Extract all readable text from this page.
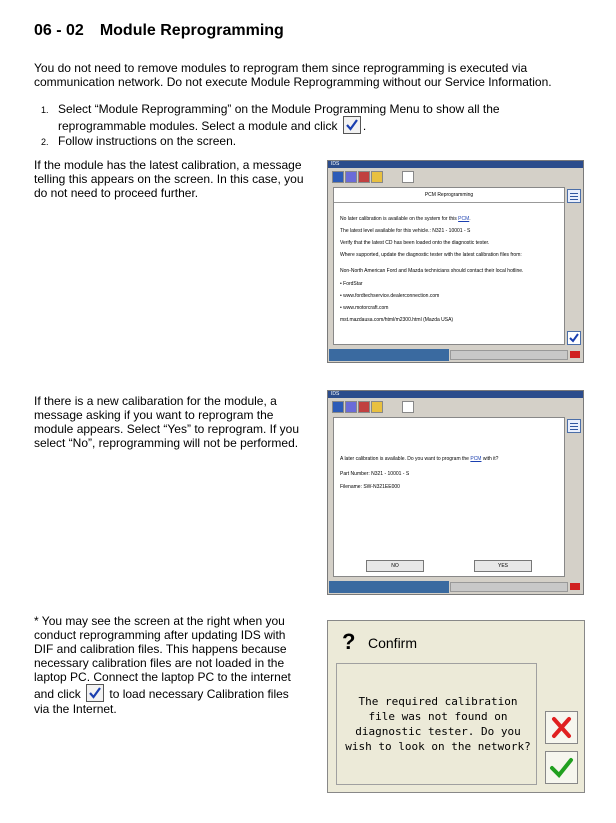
06 - 02 Module Reprogramming
You do not need to remove modules to reprogram them since reprogramming is executed via communication network. Do not execute Module Reprogramming without our Service Information.
1. Select “Module Reprogramming” on the Module Programming Menu to show all the reprogrammable modules. Select a module and click .
2. Follow instructions on the screen.
If the module has the latest calibration, a message telling this appears on the screen. In this case, you do not need to proceed further.
IDS
PCM Reprogramming
No later calibration is available on the system for this PCM.
The latest level available for this vehicle.: N321 - 10001 - S
Verify that the latest CD has been loaded onto the diagnostic tester.
Where supported, update the diagnostic tester with the latest calibration files from:
Non-North American Ford and Mazda technicians should contact their local hotline.
• FordStar
• www.fordtechservice.dealerconnection.com
• www.motorcraft.com
mst.mazdausa.com/html/m2300.html (Mazda USA)
If there is a new calibaration for the module, a message asking if you want to reprogram the module appears. Select “Yes” to reprogram. If you select “No”, reprogramming will not be performed.
IDS
A later calibration is available. Do you want to program the PCM with it?
Part Number: N321 - 10001 - S
Filename: SW-N321EE000
NO	YES
* You may see the screen at the right when you conduct reprogramming after updating IDS with DIF and calibration files. This happens because necessary calibration files are not loaded in the laptop PC. Connect the laptop PC to the internet and click to load necessary Calibration files via the Internet.
? Confirm
The required calibration file was not found on diagnostic tester. Do you wish to look on the network?
